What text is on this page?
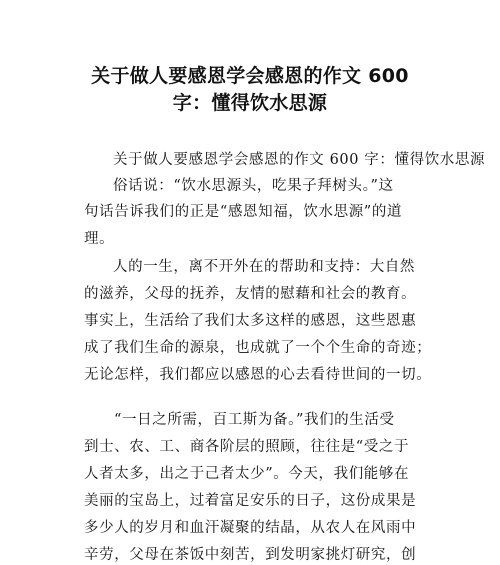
关于做人要感恩学会感恩的作文 600
字：懂得饮水思源
关于做人要感恩学会感恩的作文 600 字：懂得饮水思源
俗话说：“饮水思源头，吃果子拜树头。”这
句话告诉我们的正是“感恩知福，饮水思源”的道
理。
人的一生，离不开外在的帮助和支持：大自然
的滋养，父母的抚养，友情的慰藉和社会的教育。
事实上，生活给了我们太多这样的感恩，这些恩惠
成了我们生命的源泉，也成就了一个个生命的奇迹；
无论怎样，我们都应以感恩的心去看待世间的一切。
“一日之所需，百工斯为备。”我们的生活受
到士、农、工、商各阶层的照顾，往往是“受之于
人者太多，出之于己者太少”。今天，我们能够在
美丽的宝岛上，过着富足安乐的日子，这份成果是
多少人的岁月和血汗凝聚的结晶，从农人在风雨中
辛劳，父母在茶饭中刻苦，到发明家挑灯研究，创
